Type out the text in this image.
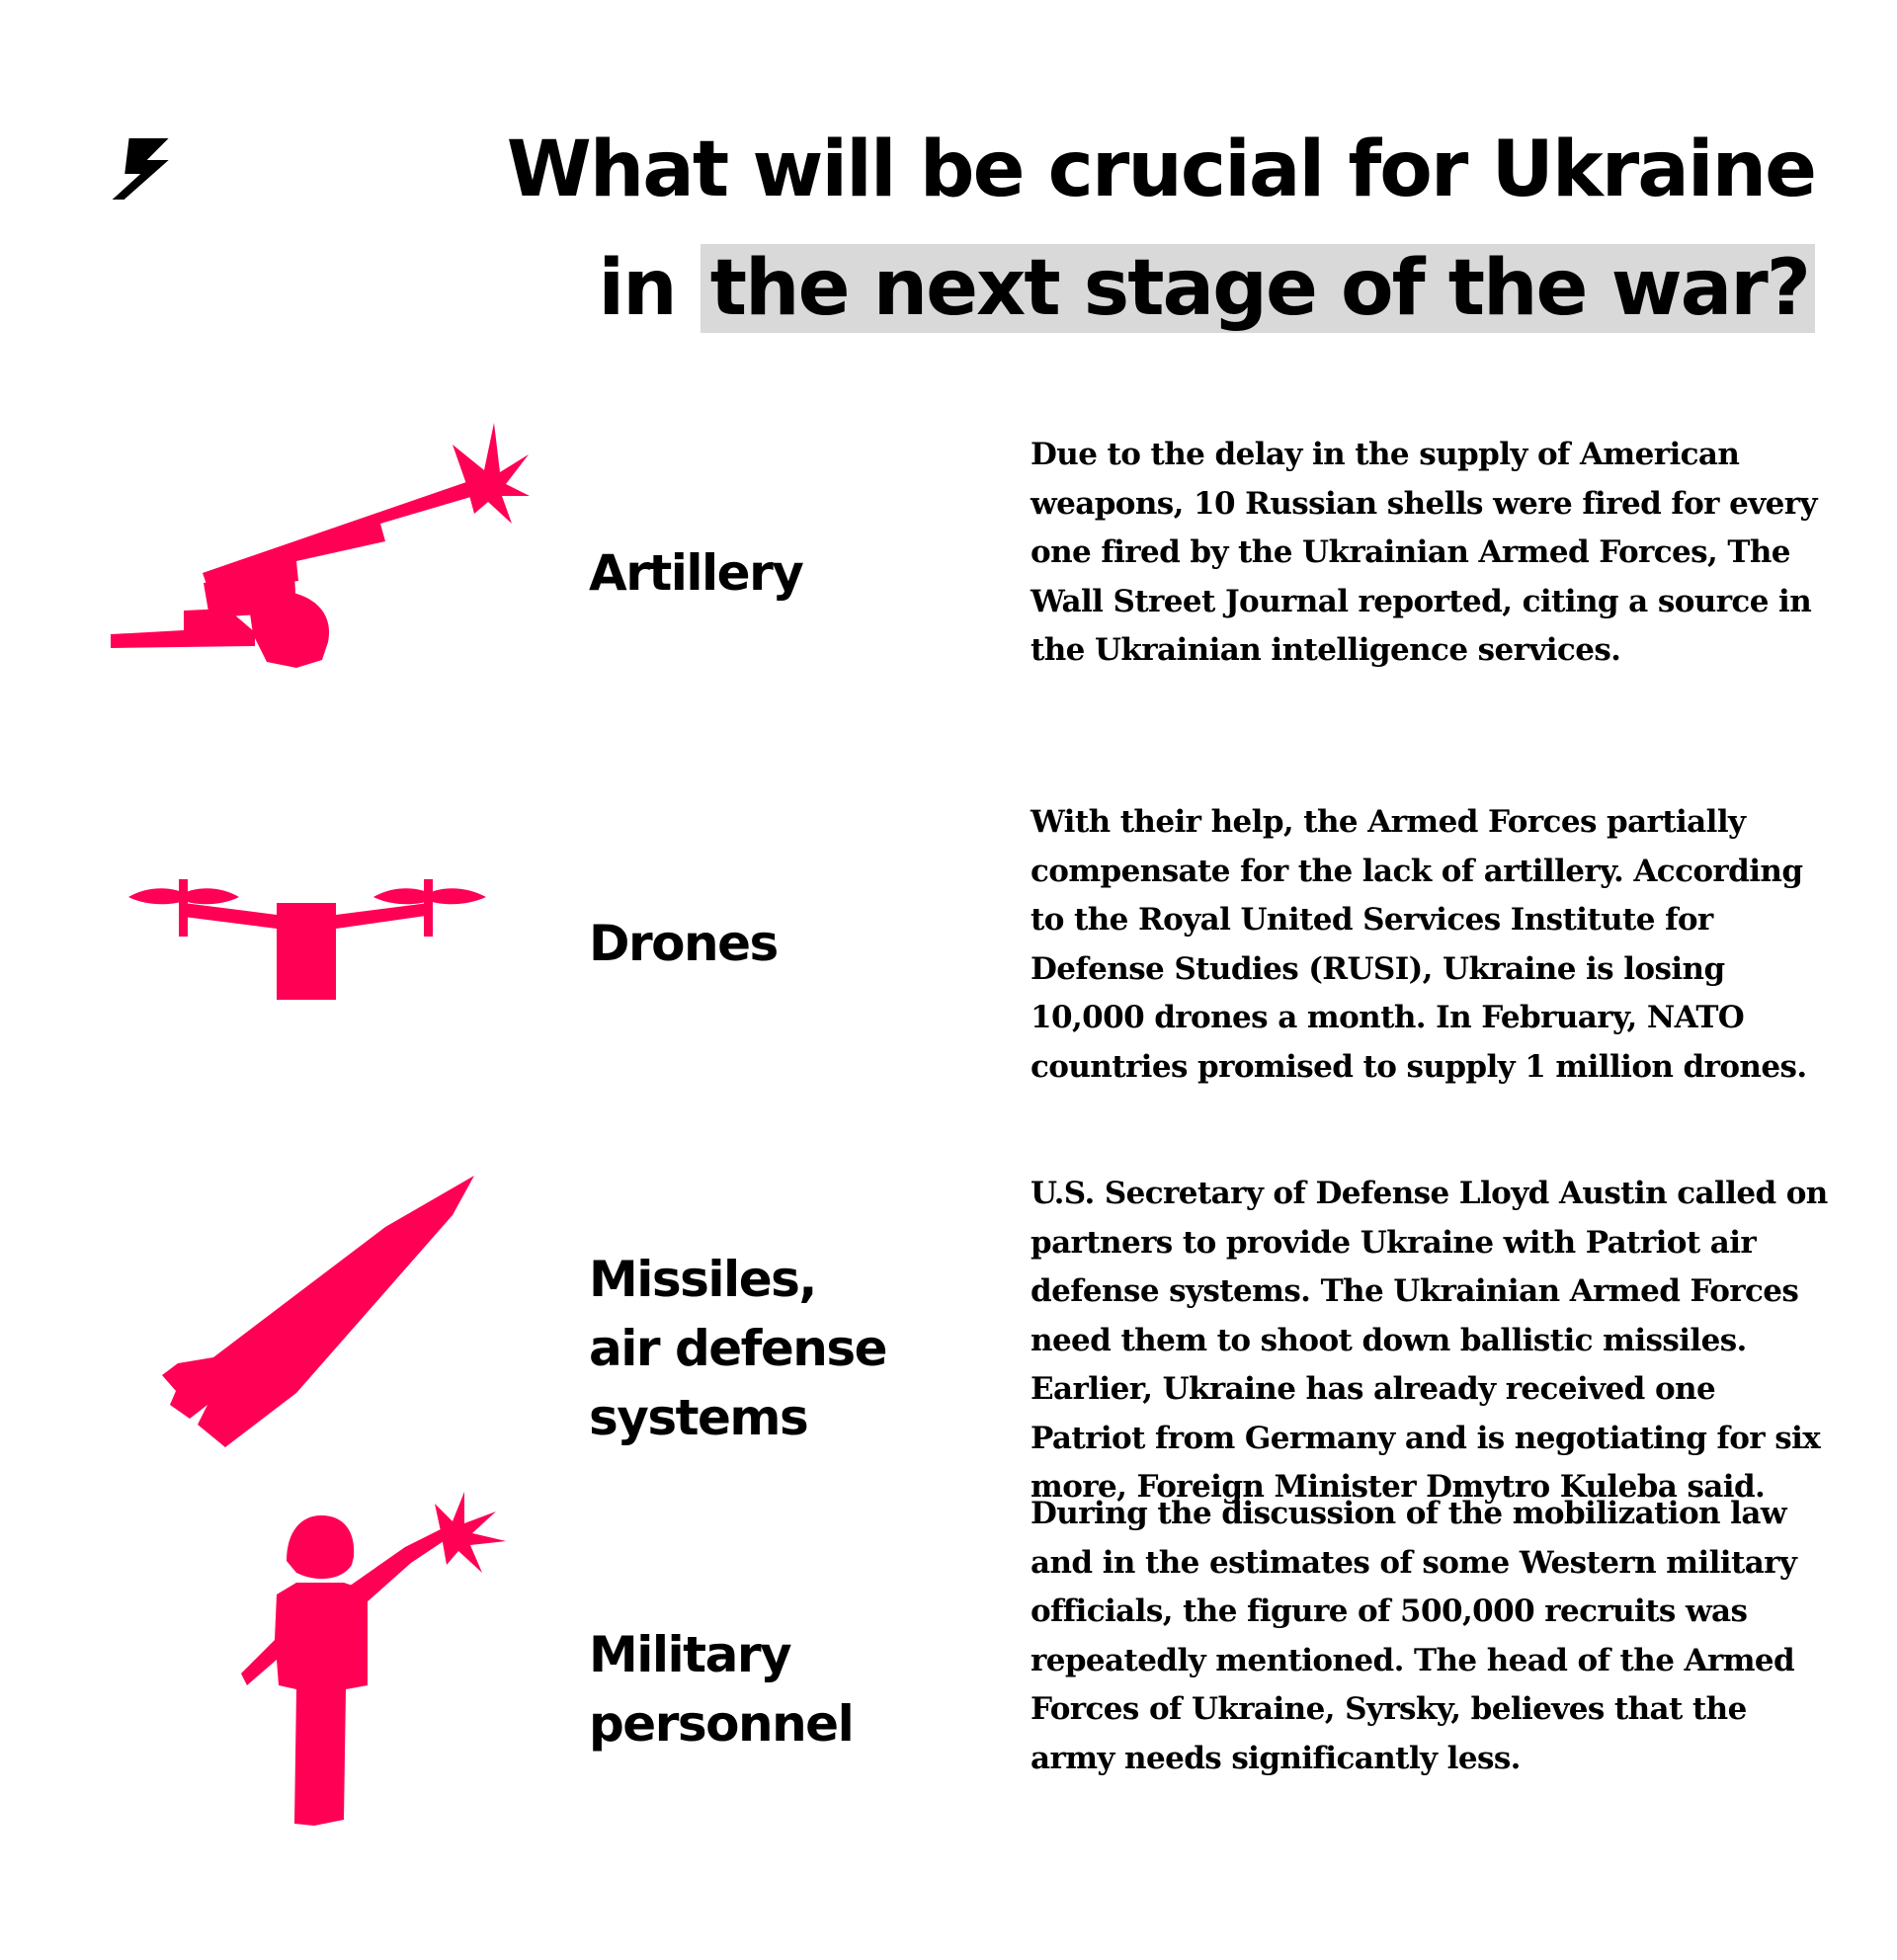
What will be crucial for Ukraine
in the next stage of the war?
Artillery

Due to the delay in the supply of American weapons, 10 Russian shells were fired for every one fired by the Ukrainian Armed Forces, The Wall Street Journal reported, citing a source in the Ukrainian intelligence services.

Drones

With their help, the Armed Forces partially compensate for the lack of artillery. According to the Royal United Services Institute for Defense Studies (RUSI), Ukraine is losing 10,000 drones a month. In February, NATO countries promised to supply 1 million drones.

Missiles,
air defense
systems

U.S. Secretary of Defense Lloyd Austin called on partners to provide Ukraine with Patriot air defense systems. The Ukrainian Armed Forces need them to shoot down ballistic missiles. Earlier, Ukraine has already received one Patriot from Germany and is negotiating for six more, Foreign Minister Dmytro Kuleba said.

Military
personnel

During the discussion of the mobilization law and in the estimates of some Western military officials, the figure of 500,000 recruits was repeatedly mentioned. The head of the Armed Forces of Ukraine, Syrsky, believes that the army needs significantly less.
